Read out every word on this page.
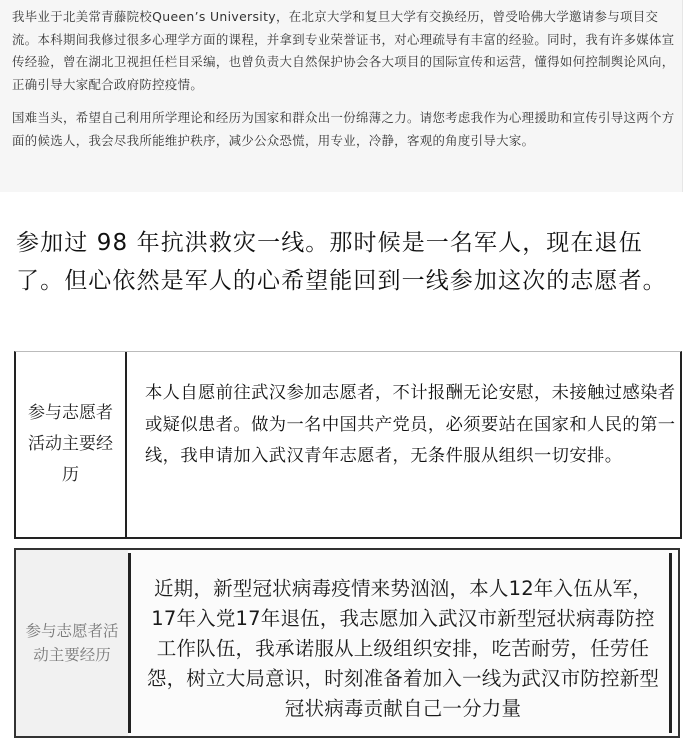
我毕业于北美常青藤院校Queen’s University，在北京大学和复旦大学有交换经历，曾受哈佛大学邀请参与项目交流。本科期间我修过很多心理学方面的课程，并拿到专业荣誉证书，对心理疏导有丰富的经验。同时，我有许多媒体宣传经验，曾在湖北卫视担任栏目采编，也曾负责大自然保护协会各大项目的国际宣传和运营，懂得如何控制舆论风向，正确引导大家配合政府防控疫情。

国难当头，希望自己利用所学理论和经历为国家和群众出一份绵薄之力。请您考虑我作为心理援助和宣传引导这两个方面的候选人，我会尽我所能维护秩序，减少公众恐慌，用专业，冷静，客观的角度引导大家。

参加过 98 年抗洪救灾一线。那时候是一名军人，现在退伍了。但心依然是军人的心希望能回到一线参加这次的志愿者。

参与志愿者活动主要经历
本人自愿前往武汉参加志愿者，不计报酬无论安慰，未接触过感染者或疑似患者。做为一名中国共产党员，必须要站在国家和人民的第一线，我申请加入武汉青年志愿者，无条件服从组织一切安排。
参与志愿者活动主要经历
近期，新型冠状病毒疫情来势汹汹，本人12年入伍从军，17年入党17年退伍，我志愿加入武汉市新型冠状病毒防控工作队伍，我承诺服从上级组织安排，吃苦耐劳，任劳任怨，树立大局意识，时刻准备着加入一线为武汉市防控新型冠状病毒贡献自己一分力量
